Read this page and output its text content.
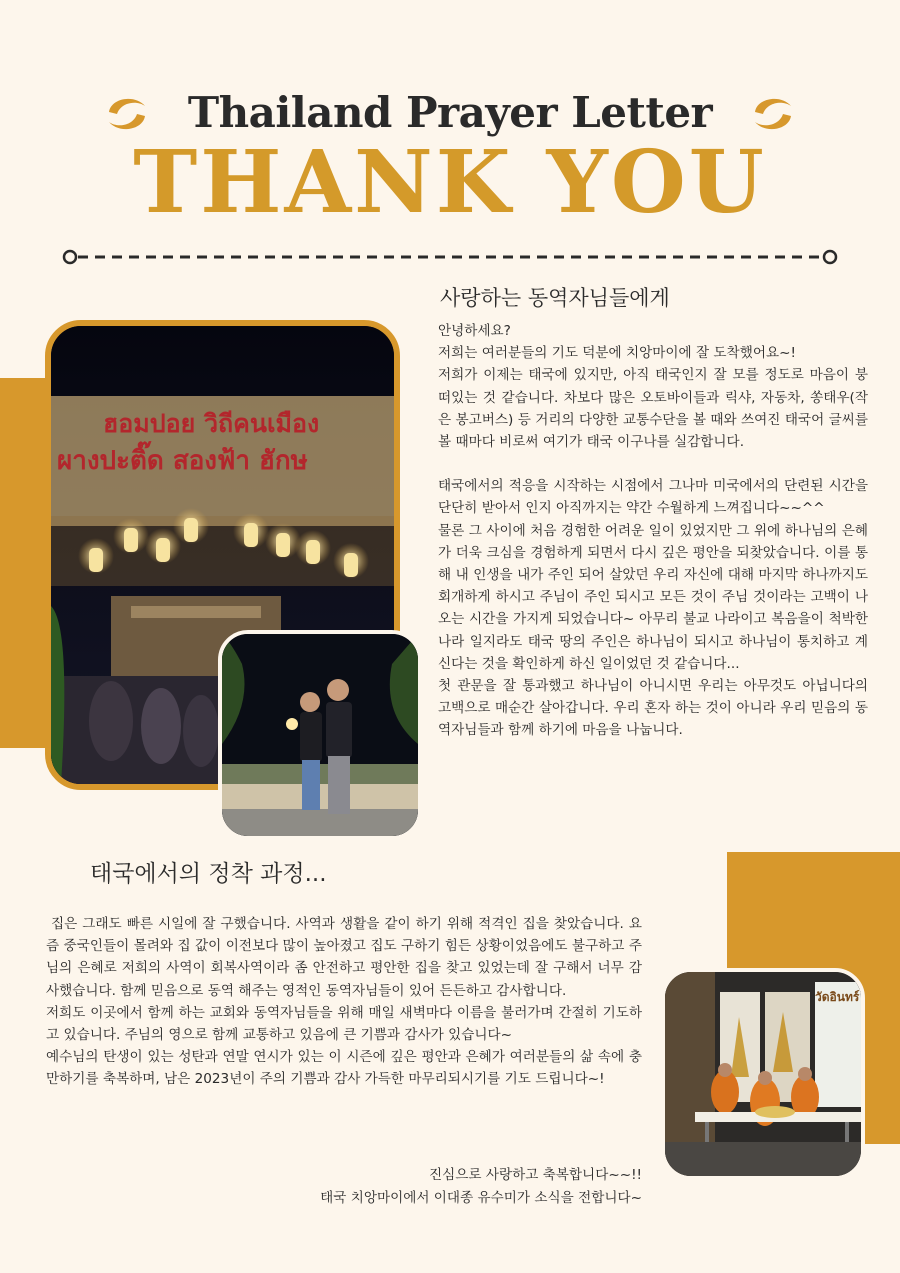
Thailand Prayer Letter
THANK YOU
사랑하는 동역자님들에게
ฮอมปอย วิถีคนเมือง
ผางปะติ๊ด สองฟ้า ฮักษ

안녕하세요?

저희는 여러분들의 기도 덕분에 치앙마이에 잘 도착했어요~!

저희가 이제는 태국에 있지만, 아직 태국인지 잘 모를 정도로 마음이 붕 떠있는 것 같습니다. 차보다 많은 오토바이들과 릭샤, 자동차, 쏭태우(작은 봉고버스) 등 거리의 다양한 교통수단을 볼 때와 쓰여진 태국어 글씨를 볼 때마다 비로써 여기가 태국 이구나를 실감합니다.

태국에서의 적응을 시작하는 시점에서 그나마 미국에서의 단련된 시간을 단단히 받아서 인지 아직까지는 약간 수월하게 느껴집니다~~^^

물론 그 사이에 처음 경험한 어려운 일이 있었지만 그 위에 하나님의 은혜가 더욱 크심을 경험하게 되면서 다시 깊은 평안을 되찾았습니다. 이를 통해 내 인생을 내가 주인 되어 살았던 우리 자신에 대해 마지막 하나까지도 회개하게 하시고 주님이 주인 되시고 모든 것이 주님 것이라는 고백이 나오는 시간을 가지게 되었습니다~ 아무리 불교 나라이고 복음을이 척박한 나라 일지라도 태국 땅의 주인은 하나님이 되시고 하나님이 통치하고 계신다는 것을 확인하게 하신 일이었던 것 같습니다...

첫 관문을 잘 통과했고 하나님이 아니시면 우리는 아무것도 아닙니다의 고백으로 매순간 살아갑니다. 우리 혼자 하는 것이 아니라 우리 믿음의 동역자님들과 함께 하기에 마음을 나눕니다.

태국에서의 정착 과정...

집은 그래도 빠른 시일에 잘 구했습니다. 사역과 생활을 같이 하기 위해 적격인 집을 찾았습니다. 요즘 중국인들이 몰려와 집 값이 이전보다 많이 높아졌고 집도 구하기 힘든 상황이었음에도 불구하고 주님의 은혜로 저희의 사역이 회복사역이라 좀 안전하고 평안한 집을 찾고 있었는데 잘 구해서 너무 감사했습니다. 함께 믿음으로 동역 해주는 영적인 동역자님들이 있어 든든하고 감사합니다.

저희도 이곳에서 함께 하는 교회와 동역자님들을 위해 매일 새벽마다 이름을 불러가며 간절히 기도하고 있습니다. 주님의 영으로 함께 교통하고 있음에 큰 기쁨과 감사가 있습니다~

예수님의 탄생이 있는 성탄과 연말 연시가 있는 이 시즌에 깊은 평안과 은혜가 여러분들의 삶 속에 충만하기를 축복하며, 남은 2023년이 주의 기쁨과 감사 가득한 마무리되시기를 기도 드립니다~!

진심으로 사랑하고 축복합니다~~!!
태국 치앙마이에서 이대종 유수미가 소식을 전합니다~
วัดอินทร์
